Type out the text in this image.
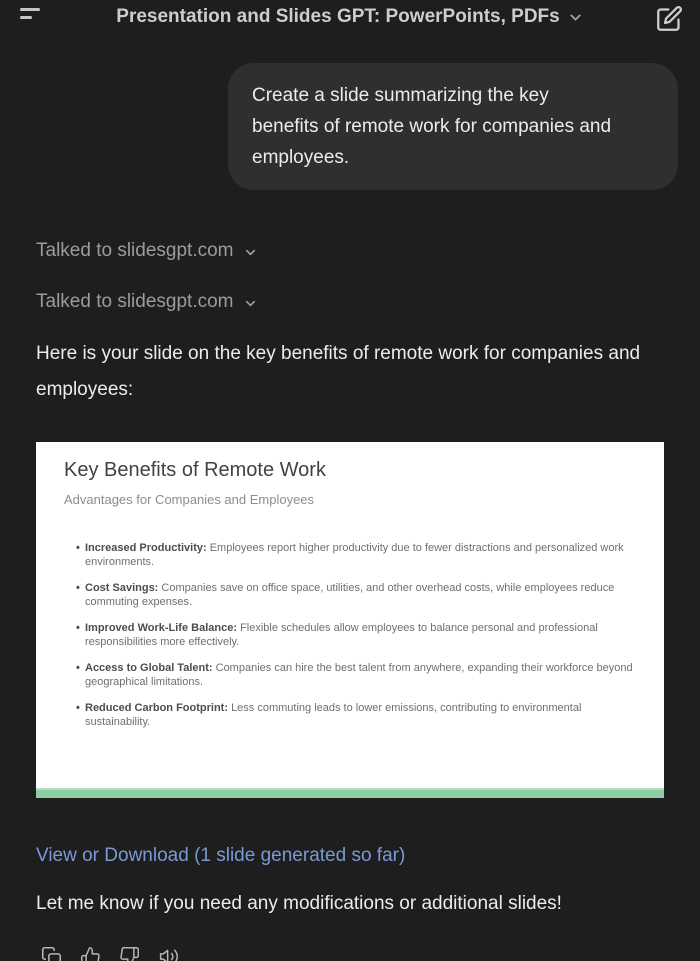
Presentation and Slides GPT: PowerPoints, PDFs

Create a slide summarizing the key benefits of remote work for companies and employees.

Talked to slidesgpt.com
Talked to slidesgpt.com

Here is your slide on the key benefits of remote work for companies and employees:

Key Benefits of Remote Work
Advantages for Companies and Employees
• Increased Productivity: Employees report higher productivity due to fewer distractions and personalized work environments.
• Cost Savings: Companies save on office space, utilities, and other overhead costs, while employees reduce commuting expenses.
• Improved Work-Life Balance: Flexible schedules allow employees to balance personal and professional responsibilities more effectively.
• Access to Global Talent: Companies can hire the best talent from anywhere, expanding their workforce beyond geographical limitations.
• Reduced Carbon Footprint: Less commuting leads to lower emissions, contributing to environmental sustainability.
View or Download (1 slide generated so far)

Let me know if you need any modifications or additional slides!
